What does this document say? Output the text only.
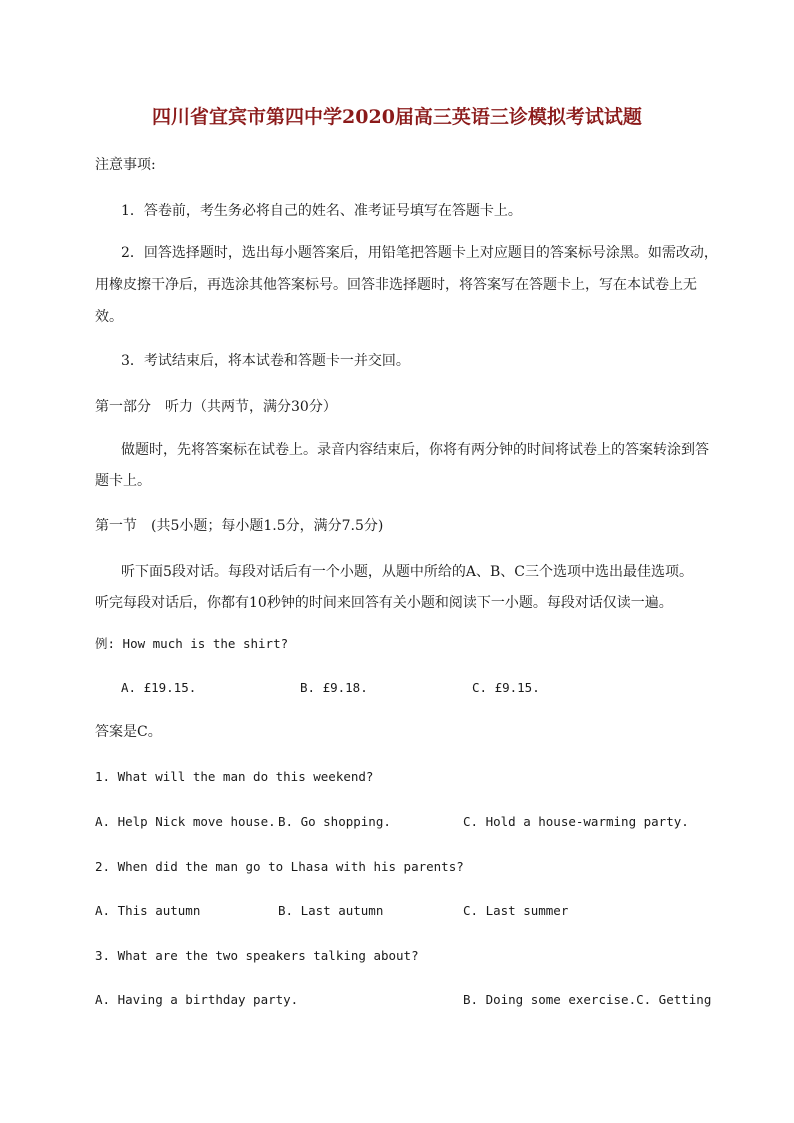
四川省宜宾市第四中学2020届高三英语三诊模拟考试试题
注意事项:
1．答卷前，考生务必将自己的姓名、准考证号填写在答题卡上。
2．回答选择题时，选出每小题答案后，用铅笔把答题卡上对应题目的答案标号涂黑。如需改动，
用橡皮擦干净后，再选涂其他答案标号。回答非选择题时，将答案写在答题卡上，写在本试卷上无
效。
3．考试结束后，将本试卷和答题卡一并交回。
第一部分　听力（共两节，满分30分）
做题时，先将答案标在试卷上。录音内容结束后，你将有两分钟的时间将试卷上的答案转涂到答
题卡上。
第一节　(共5小题；每小题1.5分，满分7.5分)
听下面5段对话。每段对话后有一个小题，从题中所给的A、B、C三个选项中选出最佳选项。
听完每段对话后，你都有10秒钟的时间来回答有关小题和阅读下一小题。每段对话仅读一遍。
例: How much is the shirt?
A. £19.15.	B. £9.18.	C. £9.15.
答案是C。
1. What will the man do this weekend?
A. Help Nick move house. B. Go shopping.	C. Hold a house-warming party.
2. When did the man go to Lhasa with his parents?
A. This autumn	B. Last autumn	C. Last summer
3. What are the two speakers talking about?
A. Having a birthday party.	B. Doing some exercise.C. Getting
